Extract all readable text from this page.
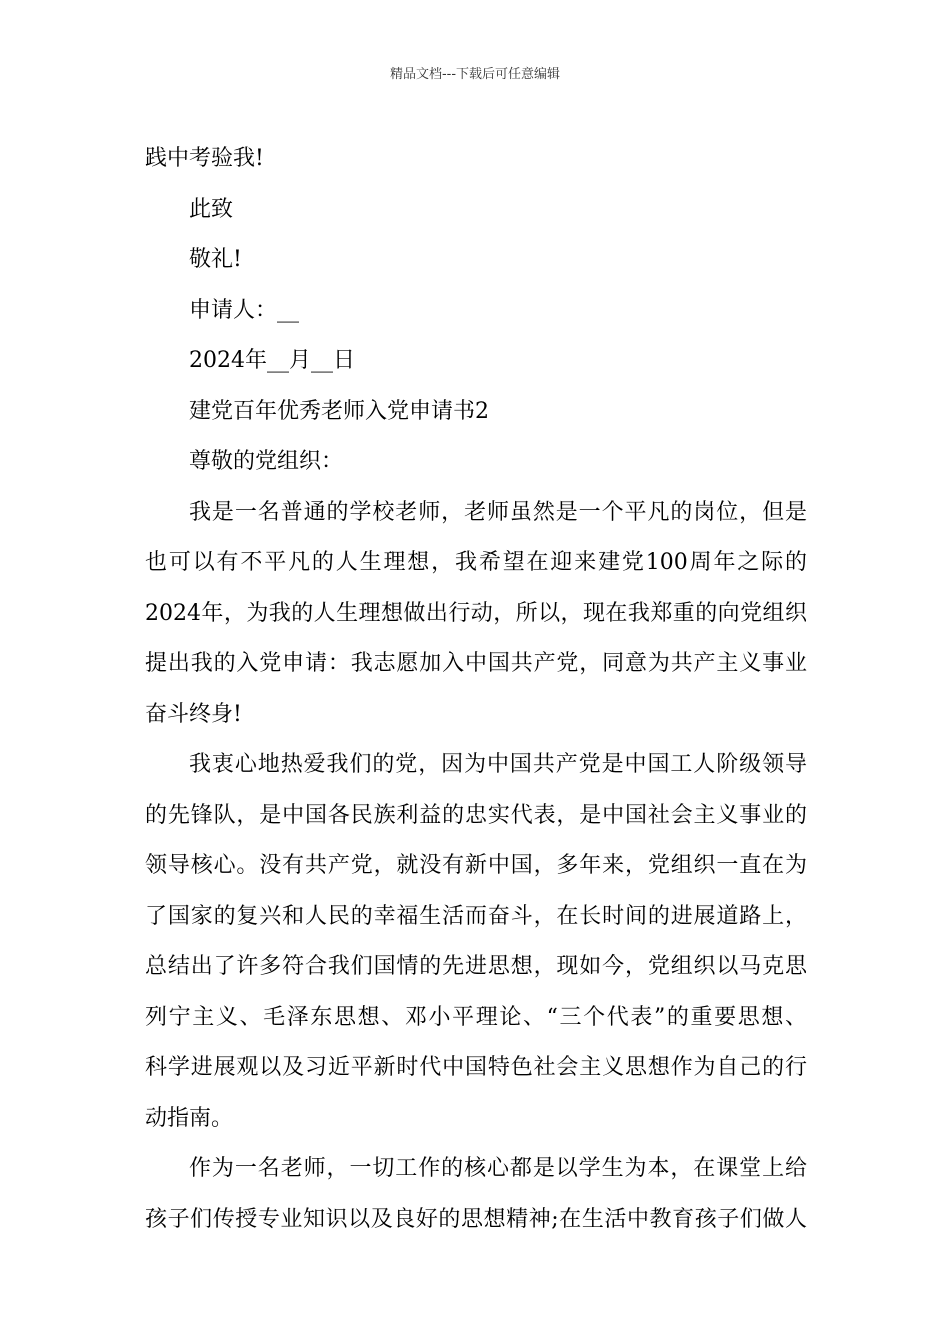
精品文档---下载后可任意编辑
践中考验我!
此致
敬礼!
申请人：__
2024年__月__日
建党百年优秀老师入党申请书2
尊敬的党组织：
我是一名普通的学校老师，老师虽然是一个平凡的岗位，但是
也可以有不平凡的人生理想，我希望在迎来建党100周年之际的
2024年，为我的人生理想做出行动，所以，现在我郑重的向党组织
提出我的入党申请：我志愿加入中国共产党，同意为共产主义事业
奋斗终身!
我衷心地热爱我们的党，因为中国共产党是中国工人阶级领导
的先锋队，是中国各民族利益的忠实代表，是中国社会主义事业的
领导核心。没有共产党，就没有新中国，多年来，党组织一直在为
了国家的复兴和人民的幸福生活而奋斗，在长时间的进展道路上，
总结出了许多符合我们国情的先进思想，现如今，党组织以马克思
列宁主义、毛泽东思想、邓小平理论、“三个代表”的重要思想、
科学进展观以及习近平新时代中国特色社会主义思想作为自己的行
动指南。
作为一名老师，一切工作的核心都是以学生为本，在课堂上给
孩子们传授专业知识以及良好的思想精神;在生活中教育孩子们做人
